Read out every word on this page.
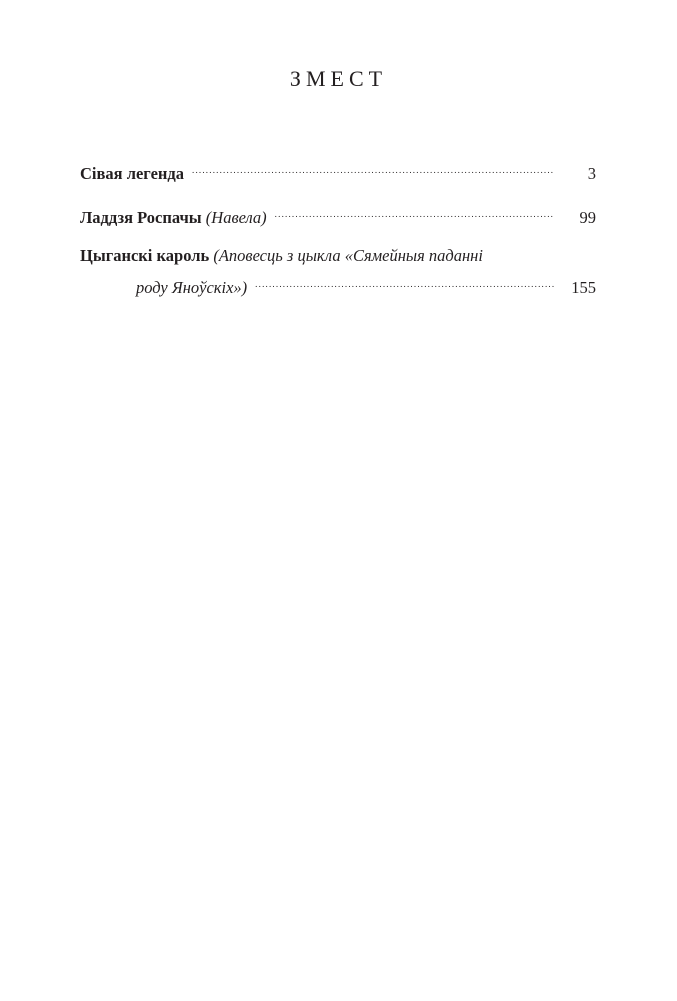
ЗМЕСТ
Сівая легенда .....	3
Ладдзя Роспачы
(Навела) .....	99
Цыганскі кароль (Аповесць з цыкла «Сямейныя паданні
роду Яноўскіх») .....	155
